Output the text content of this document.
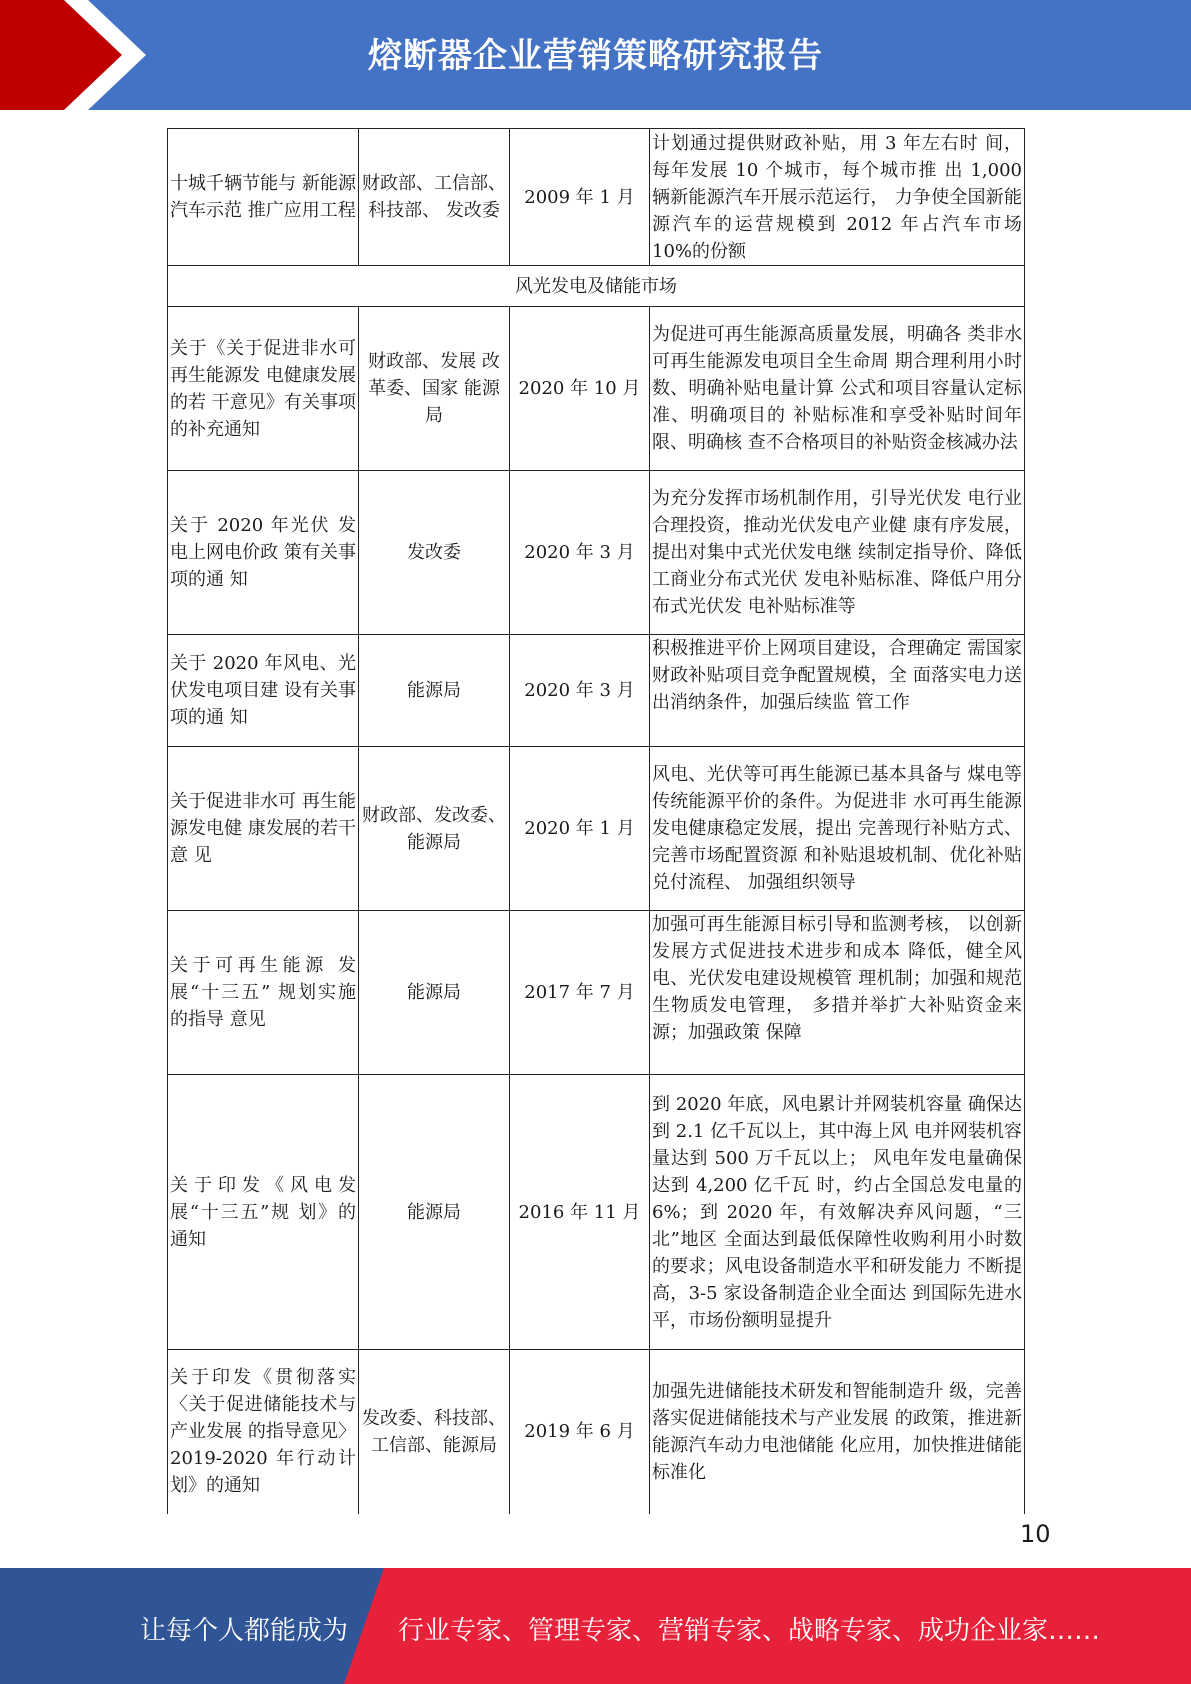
熔断器企业营销策略研究报告
十城千辆节能与 新能源汽车示范 推广应用工程	财政部、工信部、科技部、 发改委	2009 年 1 月	计划通过提供财政补贴，用 3 年左右时 间，每年发展 10 个城市，每个城市推 出 1,000 辆新能源汽车开展示范运行， 力争使全国新能源汽车的运营规模到 2012 年占汽车市场 10%的份额
风光发电及储能市场			
关于《关于促进非水可再生能源发 电健康发展的若 干意见》有关事项 的补充通知	财政部、发展 改革委、国家 能源局	2020 年 10 月	为促进可再生能源高质量发展，明确各 类非水可再生能源发电项目全生命周 期合理利用小时数、明确补贴电量计算 公式和项目容量认定标准、明确项目的 补贴标准和享受补贴时间年限、明确核 查不合格项目的补贴资金核减办法
关于 2020 年光伏 发电上网电价政 策有关事项的通 知	发改委	2020 年 3 月	为充分发挥市场机制作用，引导光伏发 电行业合理投资，推动光伏发电产业健 康有序发展，提出对集中式光伏发电继 续制定指导价、降低工商业分布式光伏 发电补贴标准、降低户用分布式光伏发 电补贴标准等
关于 2020 年风电、光伏发电项目建 设有关事项的通 知	能源局	2020 年 3 月	积极推进平价上网项目建设，合理确定 需国家财政补贴项目竞争配置规模，全 面落实电力送出消纳条件，加强后续监 管工作
关于促进非水可 再生能源发电健 康发展的若干意 见	财政部、发改委、能源局	2020 年 1 月	风电、光伏等可再生能源已基本具备与 煤电等传统能源平价的条件。为促进非 水可再生能源发电健康稳定发展，提出 完善现行补贴方式、完善市场配置资源 和补贴退坡机制、优化补贴兑付流程、 加强组织领导
关于可再生能源 发展“十三五” 规划实施的指导 意见	能源局	2017 年 7 月	加强可再生能源目标引导和监测考核， 以创新发展方式促进技术进步和成本 降低，健全风电、光伏发电建设规模管 理机制；加强和规范生物质发电管理， 多措并举扩大补贴资金来源；加强政策 保障
关于印发《风电发展“十三五”规 划》的通知	能源局	2016 年 11 月	到 2020 年底，风电累计并网装机容量 确保达到 2.1 亿千瓦以上，其中海上风 电并网装机容量达到 500 万千瓦以上； 风电年发电量确保达到 4,200 亿千瓦 时，约占全国总发电量的 6%；到 2020 年，有效解决弃风问题，“三北”地区 全面达到最低保障性收购利用小时数 的要求；风电设备制造水平和研发能力 不断提高，3-5 家设备制造企业全面达 到国际先进水平，市场份额明显提升
关于印发《贯彻落实〈关于促进储能技术与产业发展 的指导意见〉2019-2020 年行动计划》的通知	发改委、科技部、工信部、能源局	2019 年 6 月	加强先进储能技术研发和智能制造升 级，完善落实促进储能技术与产业发展 的政策，推进新能源汽车动力电池储能 化应用，加快推进储能标准化
10
让每个人都能成为 行业专家、管理专家、营销专家、战略专家、成功企业家……
